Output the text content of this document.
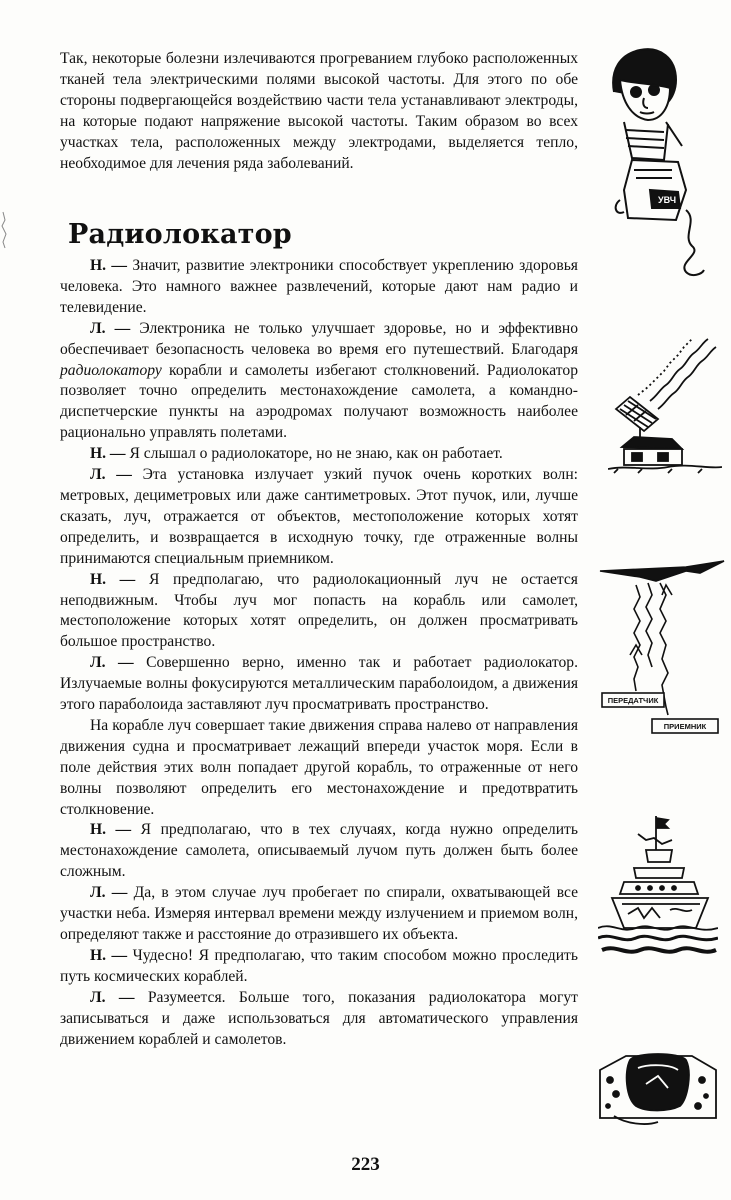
Так, некоторые болезни излечиваются прогреванием глубоко расположенных тканей тела электрическими полями высокой частоты. Для этого по обе стороны подвергающейся воздействию части тела устанавливают электроды, на которые подают напряжение высокой частоты. Таким образом во всех участках тела, расположенных между электродами, выделяется тепло, необходимое для лечения ряда заболеваний.

Радиолокатор

Н. — Значит, развитие электроники способствует укреплению здоровья человека. Это намного важнее развлечений, которые дают нам радио и телевидение.

Л. — Электроника не только улучшает здоровье, но и эффективно обеспечивает безопасность человека во время его путешествий. Благодаря радиолокатору корабли и самолеты избегают столкновений. Радиолокатор позволяет точно определить местонахождение самолета, а командно-диспетчерские пункты на аэродромах получают возможность наиболее рационально управлять полетами.

Н. — Я слышал о радиолокаторе, но не знаю, как он работает.

Л. — Эта установка излучает узкий пучок очень коротких волн: метровых, дециметровых или даже сантиметровых. Этот пучок, или, лучше сказать, луч, отражается от объектов, местоположение которых хотят определить, и возвращается в исходную точку, где отраженные волны принимаются специальным приемником.

Н. — Я предполагаю, что радиолокационный луч не остается неподвижным. Чтобы луч мог попасть на корабль или самолет, местоположение которых хотят определить, он должен просматривать большое пространство.

Л. — Совершенно верно, именно так и работает радиолокатор. Излучаемые волны фокусируются металлическим параболоидом, а движения этого параболоида заставляют луч просматривать пространство.

На корабле луч совершает такие движения справа налево от направления движения судна и просматривает лежащий впереди участок моря. Если в поле действия этих волн попадает другой корабль, то отраженные от него волны позволяют определить его местонахождение и предотвратить столкновение.

Н. — Я предполагаю, что в тех случаях, когда нужно определить местонахождение самолета, описываемый лучом путь должен быть более сложным.

Л. — Да, в этом случае луч пробегает по спирали, охватывающей все участки неба. Измеряя интервал времени между излучением и приемом волн, определяют также и расстояние до отразившего их объекта.

Н. — Чудесно! Я предполагаю, что таким способом можно проследить путь космических кораблей.

Л. — Разумеется. Больше того, показания радиолокатора могут записываться и даже использоваться для автоматического управления движением кораблей и самолетов.

УВЧ
ПЕРЕДАТЧИК
ПРИЕМНИК
223
